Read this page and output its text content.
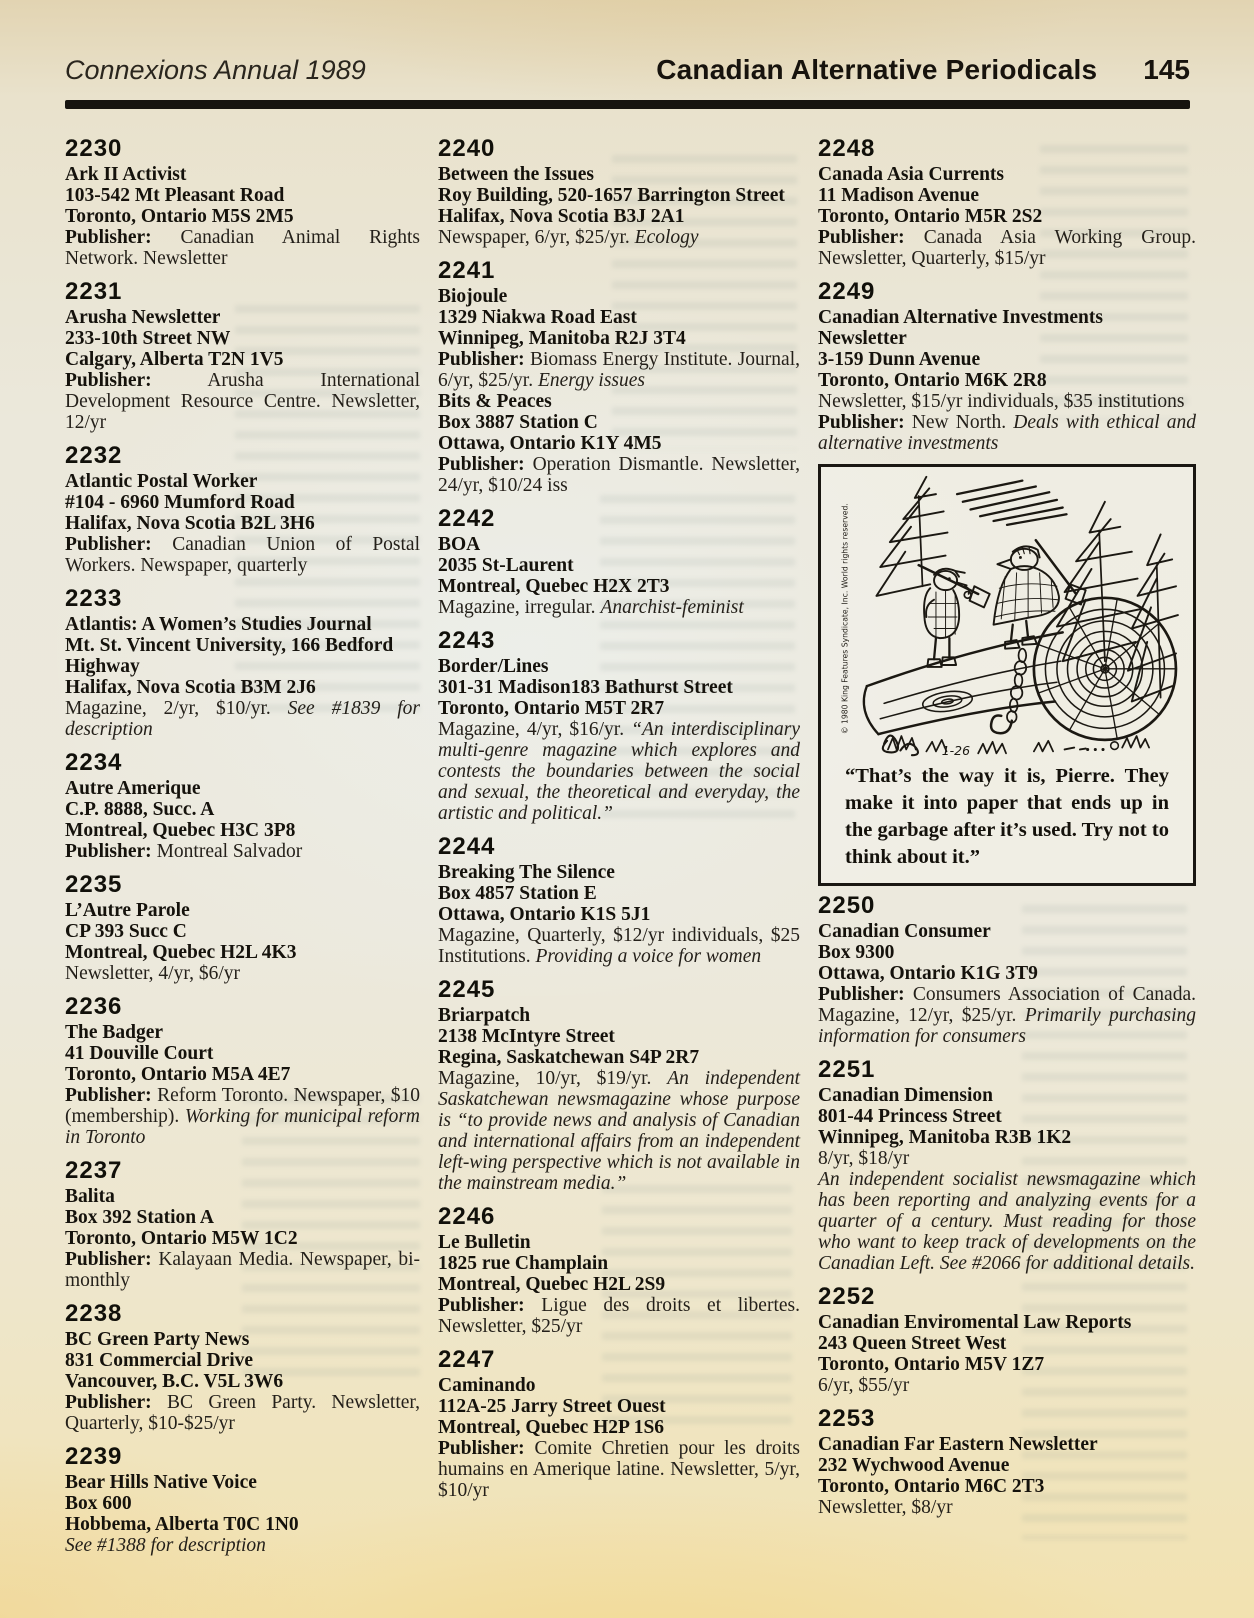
Connexions Annual 1989	Canadian Alternative Periodicals 145
2230
Ark II Activist
103-542 Mt Pleasant Road
Toronto, Ontario M5S 2M5
Publisher: Canadian Animal Rights Network. Newsletter
2231
Arusha Newsletter
233-10th Street NW
Calgary, Alberta T2N 1V5
Publisher: Arusha International Development Resource Centre. Newsletter, 12/yr
2232
Atlantic Postal Worker
#104 - 6960 Mumford Road
Halifax, Nova Scotia B2L 3H6
Publisher: Canadian Union of Postal Workers. Newspaper, quarterly
2233
Atlantis: A Women’s Studies Journal
Mt. St. Vincent University, 166 Bedford Highway
Halifax, Nova Scotia B3M 2J6
Magazine, 2/yr, $10/yr. See #1839 for description
2234
Autre Amerique
C.P. 8888, Succ. A
Montreal, Quebec H3C 3P8
Publisher: Montreal Salvador
2235
L’Autre Parole
CP 393 Succ C
Montreal, Quebec H2L 4K3
Newsletter, 4/yr, $6/yr
2236
The Badger
41 Douville Court
Toronto, Ontario M5A 4E7
Publisher: Reform Toronto. Newspaper, $10 (membership). Working for municipal reform in Toronto
2237
Balita
Box 392 Station A
Toronto, Ontario M5W 1C2
Publisher: Kalayaan Media. Newspaper, bi-monthly
2238
BC Green Party News
831 Commercial Drive
Vancouver, B.C. V5L 3W6
Publisher: BC Green Party. Newsletter, Quarterly, $10-$25/yr
2239
Bear Hills Native Voice
Box 600
Hobbema, Alberta T0C 1N0
See #1388 for description
2240
Between the Issues
Roy Building, 520-1657 Barrington Street
Halifax, Nova Scotia B3J 2A1
Newspaper, 6/yr, $25/yr. Ecology
2241
Biojoule
1329 Niakwa Road East
Winnipeg, Manitoba R2J 3T4
Publisher: Biomass Energy Institute. Journal, 6/yr, $25/yr. Energy issues
Bits & Peaces
Box 3887 Station C
Ottawa, Ontario K1Y 4M5
Publisher: Operation Dismantle. Newsletter, 24/yr, $10/24 iss
2242
BOA
2035 St-Laurent
Montreal, Quebec H2X 2T3
Magazine, irregular. Anarchist-feminist
2243
Border/Lines
301-31 Madison183 Bathurst Street
Toronto, Ontario M5T 2R7
Magazine, 4/yr, $16/yr. “An interdisciplinary multi-genre magazine which explores and contests the boundaries between the social and sexual, the theoretical and everyday, the artistic and political.”
2244
Breaking The Silence
Box 4857 Station E
Ottawa, Ontario K1S 5J1
Magazine, Quarterly, $12/yr individuals, $25 Institutions. Providing a voice for women
2245
Briarpatch
2138 McIntyre Street
Regina, Saskatchewan S4P 2R7
Magazine, 10/yr, $19/yr. An independent Saskatchewan newsmagazine whose purpose is “to provide news and analysis of Canadian and international affairs from an independent left-wing perspective which is not available in the mainstream media.”
2246
Le Bulletin
1825 rue Champlain
Montreal, Quebec H2L 2S9
Publisher: Ligue des droits et libertes. Newsletter, $25/yr
2247
Caminando
112A-25 Jarry Street Ouest
Montreal, Quebec H2P 1S6
Publisher: Comite Chretien pour les droits humains en Amerique latine. Newsletter, 5/yr, $10/yr
2248
Canada Asia Currents
11 Madison Avenue
Toronto, Ontario M5R 2S2
Publisher: Canada Asia Working Group. Newsletter, Quarterly, $15/yr
2249
Canadian Alternative Investments Newsletter
3-159 Dunn Avenue
Toronto, Ontario M6K 2R8
Newsletter, $15/yr individuals, $35 institutions
Publisher: New North. Deals with ethical and alternative investments
© 1980 King Features Syndicate, Inc. World rights reserved.
1-26
“That’s the way it is, Pierre. They make it into paper that ends up in the garbage after it’s used. Try not to think about it.”
2250
Canadian Consumer
Box 9300
Ottawa, Ontario K1G 3T9
Publisher: Consumers Association of Canada. Magazine, 12/yr, $25/yr. Primarily purchasing information for consumers
2251
Canadian Dimension
801-44 Princess Street
Winnipeg, Manitoba R3B 1K2
8/yr, $18/yr
An independent socialist newsmagazine which has been reporting and analyzing events for a quarter of a century. Must reading for those who want to keep track of developments on the Canadian Left. See #2066 for additional details.
2252
Canadian Enviromental Law Reports
243 Queen Street West
Toronto, Ontario M5V 1Z7
6/yr, $55/yr
2253
Canadian Far Eastern Newsletter
232 Wychwood Avenue
Toronto, Ontario M6C 2T3
Newsletter, $8/yr
